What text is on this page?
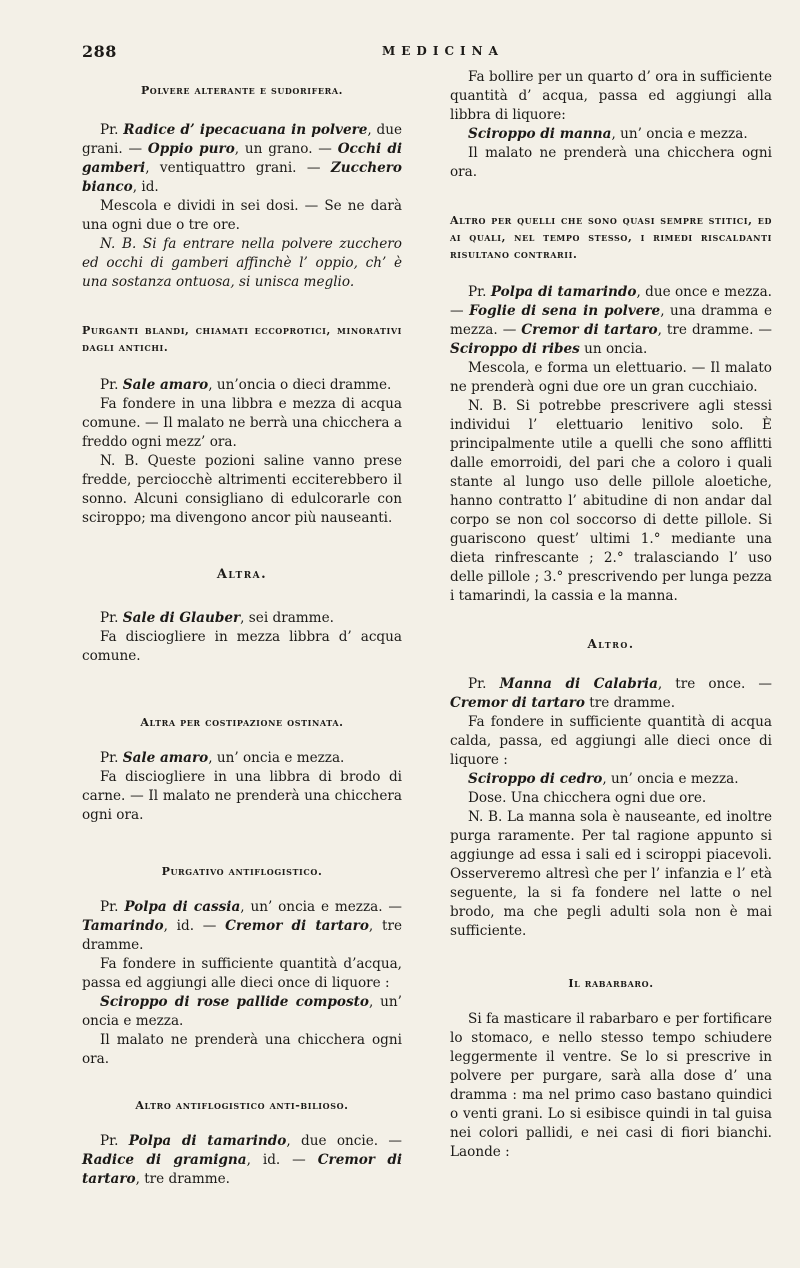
288	MEDICINA
Polvere alterante e sudorifera.

Pr. Radice d’ ipecacuana in polvere, due grani. — Oppio puro, un grano. — Occhi di gamberi, ventiquattro grani. — Zucchero bianco, id.

Mescola e dividi in sei dosi. — Se ne darà una ogni due o tre ore.

N. B. Si fa entrare nella polvere zucchero ed occhi di gamberi affinchè l’ oppio, ch’ è una sostanza ontuosa, si unisca meglio.

Purganti blandi, chiamati eccoprotici, minorativi dagli antichi.

Pr. Sale amaro, un’oncia o dieci dramme.

Fa fondere in una libbra e mezza di acqua comune. — Il malato ne berrà una chicchera a freddo ogni mezz’ ora.

N. B. Queste pozioni saline vanno prese fredde, perciocchè altrimenti ecciterebbero il sonno. Alcuni consigliano di edulcorarle con sciroppo; ma divengono ancor più nauseanti.

Altra.

Pr. Sale di Glauber, sei dramme.

Fa disciogliere in mezza libbra d’ acqua comune.

Altra per costipazione ostinata.

Pr. Sale amaro, un’ oncia e mezza.

Fa disciogliere in una libbra di brodo di carne. — Il malato ne prenderà una chicchera ogni ora.

Purgativo antiflogistico.

Pr. Polpa di cassia, un’ oncia e mezza. — Tamarindo, id. — Cremor di tartaro, tre dramme.

Fa fondere in sufficiente quantità d’acqua, passa ed aggiungi alle dieci once di liquore :

Sciroppo di rose pallide composto, un’ oncia e mezza.

Il malato ne prenderà una chicchera ogni ora.

Altro antiflogistico anti-bilioso.

Pr. Polpa di tamarindo, due oncie. — Radice di gramigna, id. — Cremor di tartaro, tre dramme.

Fa bollire per un quarto d’ ora in sufficiente quantità d’ acqua, passa ed aggiungi alla libbra di liquore:

Sciroppo di manna, un’ oncia e mezza.

Il malato ne prenderà una chicchera ogni ora.

Altro per quelli che sono quasi sempre stitici, ed ai quali, nel tempo stesso, i rimedi riscaldanti risultano contrarii.

Pr. Polpa di tamarindo, due once e mezza. — Foglie di sena in polvere, una dramma e mezza. — Cremor di tartaro, tre dramme. — Sciroppo di ribes un oncia.

Mescola, e forma un elettuario. — Il malato ne prenderà ogni due ore un gran cucchiaio.

N. B. Si potrebbe prescrivere agli stessi individui l’ elettuario lenitivo solo. È principalmente utile a quelli che sono afflitti dalle emorroidi, del pari che a coloro i quali stante al lungo uso delle pillole aloetiche, hanno contratto l’ abitudine di non andar dal corpo se non col soccorso di dette pillole. Si guariscono quest’ ultimi 1.° mediante una dieta rinfrescante ; 2.° tralasciando l’ uso delle pillole ; 3.° prescrivendo per lunga pezza i tamarindi, la cassia e la manna.

Altro.

Pr. Manna di Calabria, tre once. — Cremor di tartaro tre dramme.

Fa fondere in sufficiente quantità di acqua calda, passa, ed aggiungi alle dieci once di liquore :

Sciroppo di cedro, un’ oncia e mezza.

Dose. Una chicchera ogni due ore.

N. B. La manna sola è nauseante, ed inoltre purga raramente. Per tal ragione appunto si aggiunge ad essa i sali ed i sciroppi piacevoli. Osserveremo altresì che per l’ infanzia e l’ età seguente, la si fa fondere nel latte o nel brodo, ma che pegli adulti sola non è mai sufficiente.

Il rabarbaro.

Si fa masticare il rabarbaro e per fortificare lo stomaco, e nello stesso tempo schiudere leggermente il ventre. Se lo si prescrive in polvere per purgare, sarà alla dose d’ una dramma : ma nel primo caso bastano quindici o venti grani. Lo si esibisce quindi in tal guisa nei colori pallidi, e nei casi di fiori bianchi. Laonde :
